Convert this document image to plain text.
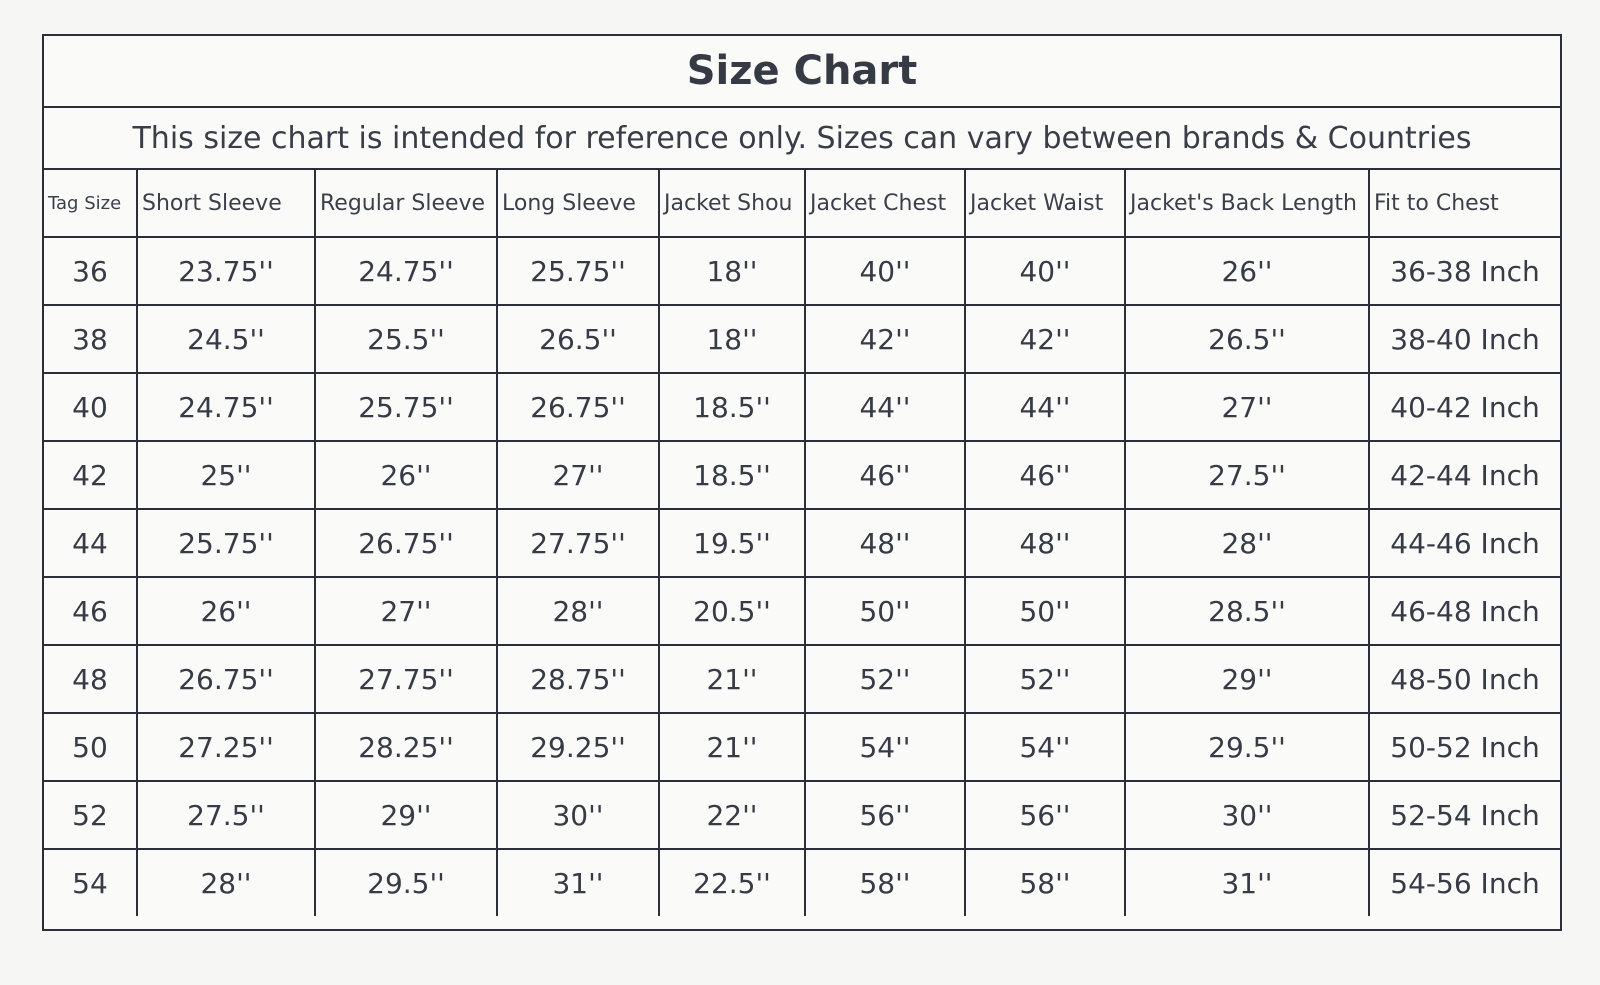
Size Chart
This size chart is intended for reference only. Sizes can vary between brands & Countries
Tag Size	Short Sleeve	Regular Sleeve	Long Sleeve	Jacket Shou	Jacket Chest	Jacket Waist	Jacket's Back Length	Fit to Chest
36	23.75''	24.75''	25.75''	18''	40''	40''	26''	36-38 Inch
38	24.5''	25.5''	26.5''	18''	42''	42''	26.5''	38-40 Inch
40	24.75''	25.75''	26.75''	18.5''	44''	44''	27''	40-42 Inch
42	25''	26''	27''	18.5''	46''	46''	27.5''	42-44 Inch
44	25.75''	26.75''	27.75''	19.5''	48''	48''	28''	44-46 Inch
46	26''	27''	28''	20.5''	50''	50''	28.5''	46-48 Inch
48	26.75''	27.75''	28.75''	21''	52''	52''	29''	48-50 Inch
50	27.25''	28.25''	29.25''	21''	54''	54''	29.5''	50-52 Inch
52	27.5''	29''	30''	22''	56''	56''	30''	52-54 Inch
54	28''	29.5''	31''	22.5''	58''	58''	31''	54-56 Inch
